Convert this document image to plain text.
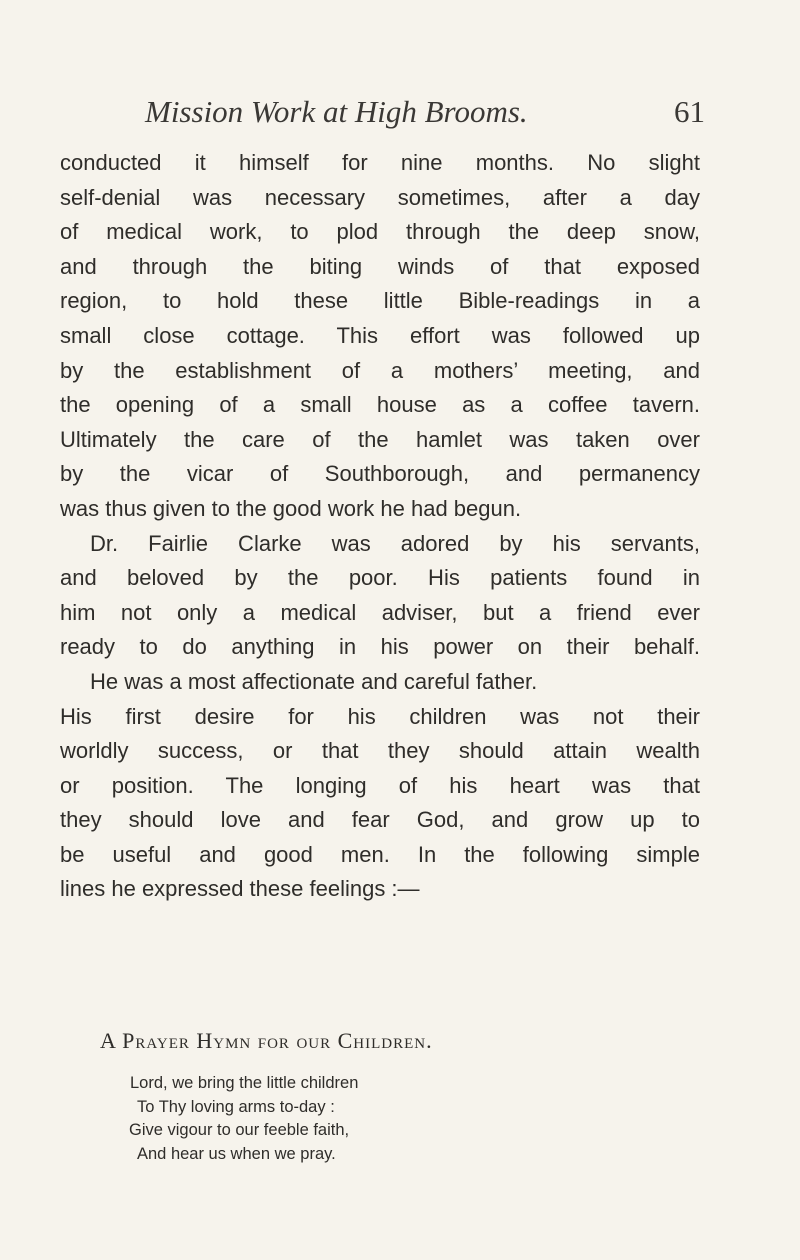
Mission Work at High Brooms.	61
conducted it himself for nine months. No slight
self-denial was necessary sometimes, after a day
of medical work, to plod through the deep snow,
and through the biting winds of that exposed
region, to hold these little Bible-readings in a
small close cottage. This effort was followed up
by the establishment of a mothers’ meeting, and
the opening of a small house as a coffee tavern.
Ultimately the care of the hamlet was taken over
by the vicar of Southborough, and permanency
was thus given to the good work he had begun.
Dr. Fairlie Clarke was adored by his servants,
and beloved by the poor. His patients found in
him not only a medical adviser, but a friend ever
ready to do anything in his power on their behalf.
He was a most affectionate and careful father.
His first desire for his children was not their
worldly success, or that they should attain wealth
or position. The longing of his heart was that
they should love and fear God, and grow up to
be useful and good men. In the following simple
lines he expressed these feelings :—
A Prayer Hymn for our Children.
Lord, we bring the little children
To Thy loving arms to-day :
Give vigour to our feeble faith,
And hear us when we pray.
